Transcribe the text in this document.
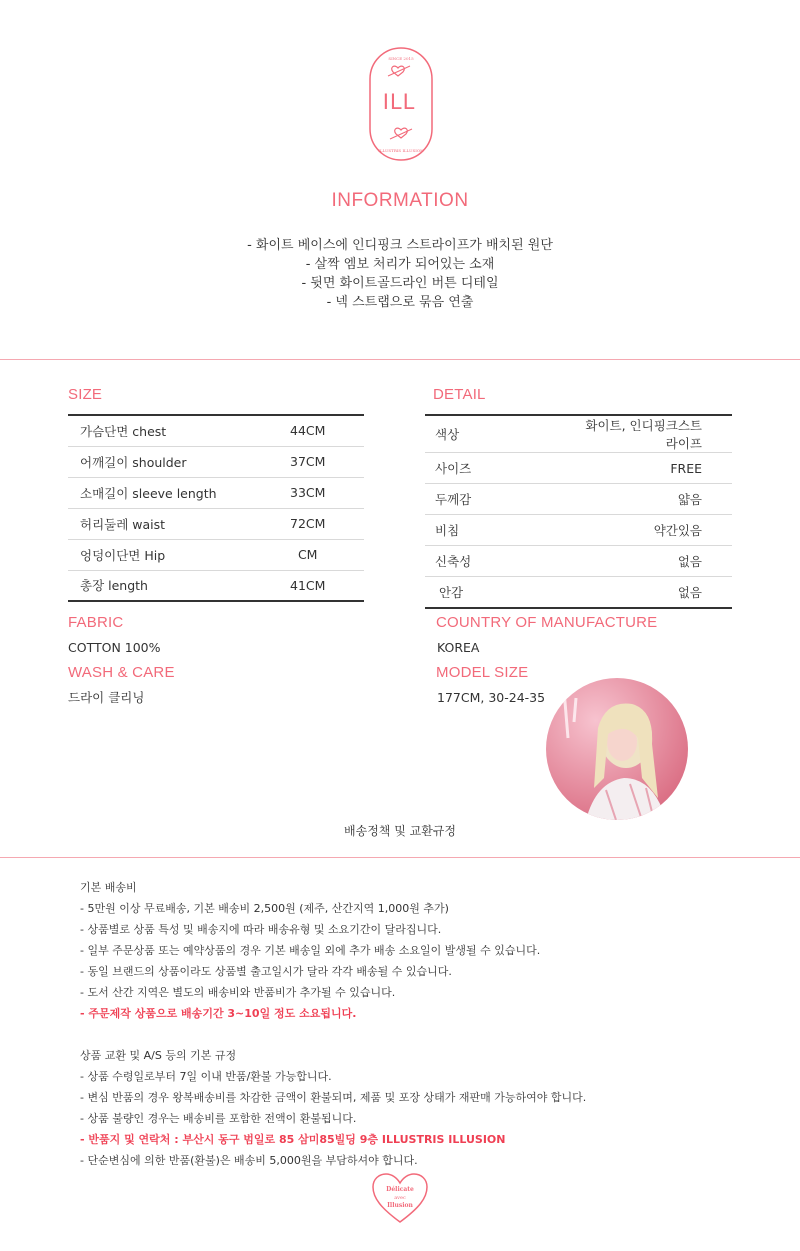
SINCE 2015
ILL
ILLUSTRIS ILLUSION
INFORMATION
- 화이트 베이스에 인디핑크 스트라이프가 배치된 원단
- 살짝 엠보 처리가 되어있는 소재
- 뒷면 화이트골드라인 버튼 디테일
- 넥 스트랩으로 묶음 연출
SIZE
가슴단면 chest	44CM
어깨길이 shoulder	37CM
소매길이 sleeve length	33CM
허리둘레 waist	72CM
엉덩이단면 Hip	CM
총장 length	41CM
DETAIL
색상	화이트, 인디핑크스트라이프
사이즈	FREE
두께감	얇음
비침	약간있음
신축성	없음
안감	없음
FABRIC
COTTON 100%
WASH & CARE
드라이 클리닝
COUNTRY OF MANUFACTURE
KOREA
MODEL SIZE
177CM, 30-24-35
배송정책 및 교환규정
기본 배송비
- 5만원 이상 무료배송, 기본 배송비 2,500원 (제주, 산간지역 1,000원 추가)
- 상품별로 상품 특성 및 배송지에 따라 배송유형 및 소요기간이 달라집니다.
- 일부 주문상품 또는 예약상품의 경우 기본 배송일 외에 추가 배송 소요일이 발생될 수 있습니다.
- 동일 브랜드의 상품이라도 상품별 출고일시가 달라 각각 배송될 수 있습니다.
- 도서 산간 지역은 별도의 배송비와 반품비가 추가될 수 있습니다.
- 주문제작 상품으로 배송기간 3~10일 정도 소요됩니다.
상품 교환 및 A/S 등의 기본 규정
- 상품 수령일로부터 7일 이내 반품/환불 가능합니다.
- 변심 반품의 경우 왕복배송비를 차감한 금액이 환불되며, 제품 및 포장 상태가 재판매 가능하여야 합니다.
- 상품 불량인 경우는 배송비를 포함한 전액이 환불됩니다.
- 반품지 및 연락처 : 부산시 동구 범일로 85 삼미85빌딩 9층 ILLUSTRIS ILLUSION
- 단순변심에 의한 반품(환불)은 배송비 5,000원을 부담하셔야 합니다.
Délicate
avec
Illusion
